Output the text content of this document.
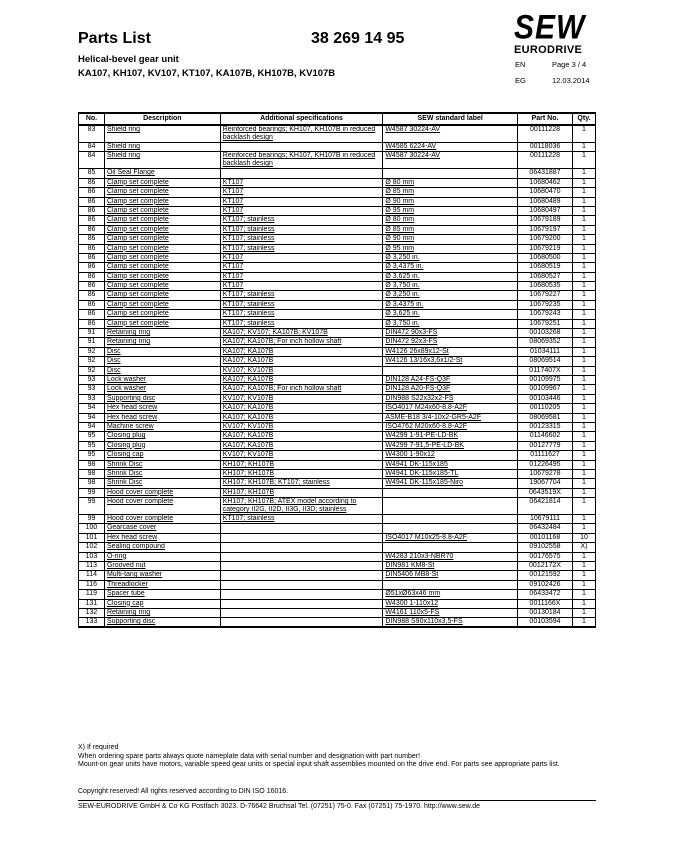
Parts List	38 269 14 95
Helical-bevel gear unit
KA107, KH107, KV107, KT107, KA107B, KH107B, KV107B
SEW
EURODRIVE
EN	Page 3 / 4
EG	12.03.2014
No.	Description	Additional specifications	SEW standard label	Part No.	Qty.
83	Shield ring	Reinforced bearings; KH107, KH107B in reduced backlash design	W4587 30224-AV	00111228	1
84	Shield ring		W4585 6224-AV	00118036	1
84	Shield ring	Reinforced bearings; KH107, KH107B in reduced backlash design	W4587 30224-AV	00111228	1
85	Oil Seal Flange			06431887	1
86	Clamp set complete	KT107	Ø 80 mm	10680462	1
86	Clamp set complete	KT107	Ø 85 mm	10680470	1
86	Clamp set complete	KT107	Ø 90 mm	10680489	1
86	Clamp set complete	KT107	Ø 95 mm	10680497	1
86	Clamp set complete	KT107; stainless	Ø 80 mm	10679189	1
86	Clamp set complete	KT107; stainless	Ø 85 mm	10679197	1
86	Clamp set complete	KT107; stainless	Ø 90 mm	10679200	1
86	Clamp set complete	KT107; stainless	Ø 95 mm	10679219	1
86	Clamp set complete	KT107	Ø 3,250 in.	10680500	1
86	Clamp set complete	KT107	Ø 3,4375 in.	10680519	1
86	Clamp set complete	KT107	Ø 3,625 in.	10680527	1
86	Clamp set complete	KT107	Ø 3,750 in.	10680535	1
86	Clamp set complete	KT107; stainless	Ø 3,250 in.	10679227	1
86	Clamp set complete	KT107; stainless	Ø 3,4375 in.	10679235	1
86	Clamp set complete	KT107; stainless	Ø 3,625 in.	10679243	1
86	Clamp set complete	KT107; stainless	Ø 3,750 in.	10679251	1
91	Retaining ring	KA107; KV107; KA107B; KV107B	DIN472 90x3-FS	00103268	1
91	Retaining ring	KA107; KA107B; For inch hollow shaft	DIN472 92x3-FS	08069352	1
92	Disc	KA107; KA107B	W4126 26x89x12-St	01034111	1
92	Disc	KA107; KA107B	W4126 13/16x3,6x1/2-St	08069514	1
92	Disc	KV107; KV107B		0117407X	1
93	Lock washer	KA107; KA107B	DIN128 A24-FS-Q3F	00109975	1
93	Lock washer	KA107; KA107B; For inch hollow shaft	DIN128 A20-FS-Q3F	00109967	1
93	Supporting disc	KV107; KV107B	DIN988 S22x32x2-FS	00103446	1
94	Hex head screw	KA107; KA107B	ISO4017 M24x60-8.8-A2F	00110205	1
94	Hex head screw	KA107; KA107B	ASME-B18 3/4-10x2-GR5-A2F	08069581	1
94	Machine screw	KV107; KV107B	ISO4762 M20x60-8.8-A2F	00123315	1
95	Closing plug	KA107; KA107B	W4299 1-91-PE-LD-BK	01146602	1
95	Closing plug	KA107; KA107B	W4299 7-91,5-PE-LD-BK	00127779	1
95	Closing cap	KV107; KV107B	W4300 1-90x12	01111627	1
98	Shrink Disc	KH107; KH107B	W4941 DK-115x185	01226495	1
98	Shrink Disc	KH107; KH107B	W4941 DK-115x185-TL	10679278	1
98	Shrink Disc	KH107; KH107B; KT107; stainless	W4941 DK-115x185-Niro	19067704	1
99	Hood cover complete	KH107; KH107B		0643519X	1
99	Hood cover complete	KH107; KH107B; ATEX model according to category II2G, II2D, II3G, II3D; stainless		06421814	1
99	Hood cover complete	KT107; stainless		10679111	1
100	Gearcase cover			06432484	1
101	Hex head screw		ISO4017 M10x25-8.8-A2F	00101168	10
102	Sealing compound			09102558	X)
103	O-ring		W4283 210x3-NBR70	00176575	1
113	Grooved nut		DIN981 KM8-St	0012172X	1
114	Multi-tang washer		DIN5406 MB8-St	00121592	1
116	Threadlocker			09102426	1
119	Spacer tube		Ø51xØ63x46 mm	06433472	1
131	Closing cap		W4300 1-110x12	0011166X	1
132	Retaining ring		W4161 110x5-FS	00130184	1
133	Supporting disc		DIN988 S90x110x3,5-FS	00103594	1
X) If required
When ordering spare parts always quote nameplate data with serial number and designation with part number!
Mount-on gear units have motors, variable speed gear units or special input shaft assemblies mounted on the drive end. For parts see appropriate parts list.
Copyright reserved! All rights reserved according to DIN ISO 16016.
SEW-EURODRIVE GmbH & Co KG Postfach 3023. D-76642 Bruchsal Tel. (07251) 75-0. Fax (07251) 75-1970. http://www.sew.de
